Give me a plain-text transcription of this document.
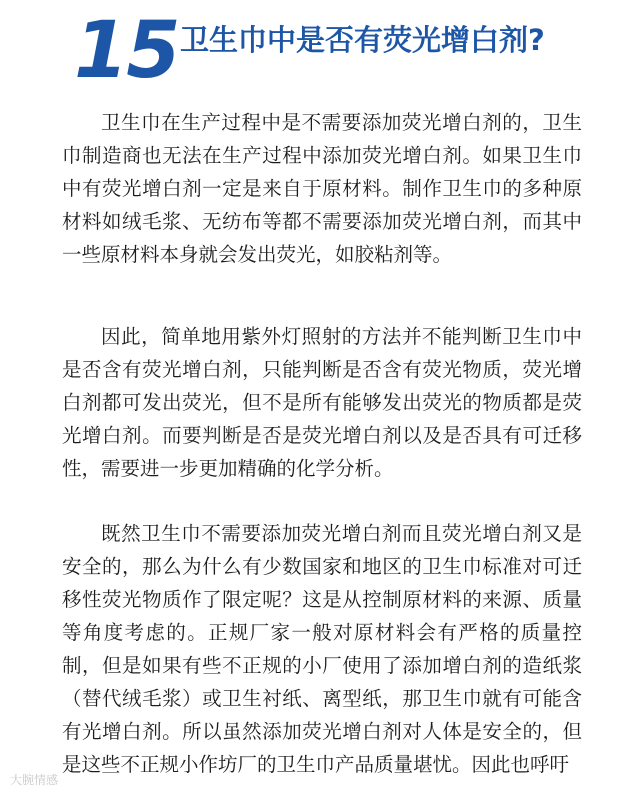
15 卫生巾中是否有荧光增白剂?

卫生巾在生产过程中是不需要添加荧光增白剂的，卫生巾制造商也无法在生产过程中添加荧光增白剂。如果卫生巾中有荧光增白剂一定是来自于原材料。制作卫生巾的多种原材料如绒毛浆、无纺布等都不需要添加荧光增白剂，而其中一些原材料本身就会发出荧光，如胶粘剂等。

因此，简单地用紫外灯照射的方法并不能判断卫生巾中是否含有荧光增白剂，只能判断是否含有荧光物质，荧光增白剂都可发出荧光，但不是所有能够发出荧光的物质都是荧光增白剂。而要判断是否是荧光增白剂以及是否具有可迁移性，需要进一步更加精确的化学分析。

既然卫生巾不需要添加荧光增白剂而且荧光增白剂又是安全的，那么为什么有少数国家和地区的卫生巾标准对可迁移性荧光物质作了限定呢？这是从控制原材料的来源、质量等角度考虑的。正规厂家一般对原材料会有严格的质量控制，但是如果有些不正规的小厂使用了添加增白剂的造纸浆（替代绒毛浆）或卫生衬纸、离型纸，那卫生巾就有可能含有光增白剂。所以虽然添加荧光增白剂对人体是安全的，但是这些不正规小作坊厂的卫生巾产品质量堪忧。因此也呼吁

大腕情感
